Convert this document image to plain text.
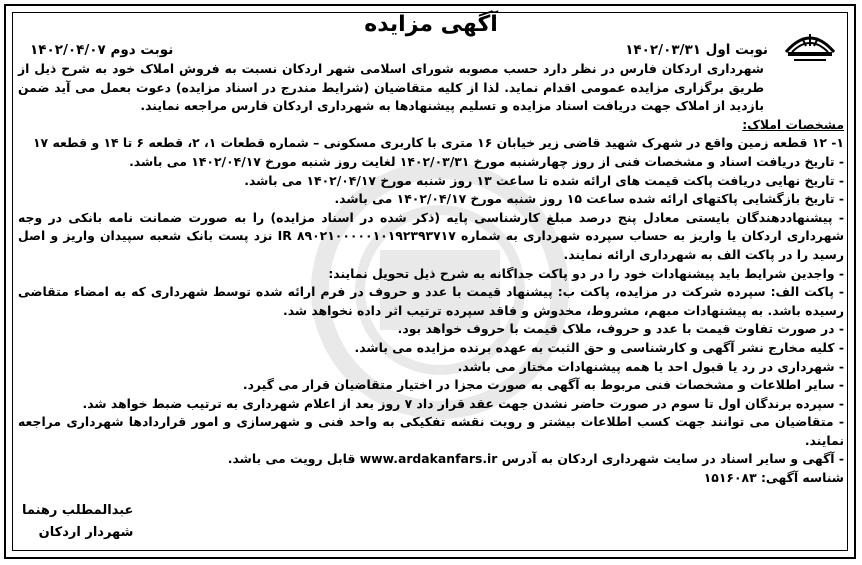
آگهی مزایده
نوبت اول ۱۴۰۲/۰۳/۳۱
نوبت دوم ۱۴۰۲/۰۴/۰۷

شهرداری اردکان فارس در نظر دارد حسب مصوبه شورای اسلامی شهر اردکان نسبت به فروش املاک خود به شرح ذیل از طریق برگزاری مزایده عمومی اقدام نماید. لذا از کلیه متقاضیان (شرایط مندرج در اسناد مزایده) دعوت بعمل می آید ضمن بازدید از املاک جهت دریافت اسناد مزایده و تسلیم پیشنهادها به شهرداری اردکان فارس مراجعه نمایند.

مشخصات املاک:

۱- ۱۲ قطعه زمین واقع در شهرک شهید قاضی زیر خیابان ۱۶ متری با کاربری مسکونی – شماره قطعات ۱، ۲، قطعه ۶ تا ۱۴ و قطعه ۱۷

- تاریخ دریافت اسناد و مشخصات فنی از روز چهارشنبه مورخ ۱۴۰۲/۰۳/۳۱ لغایت روز شنبه مورخ ۱۴۰۲/۰۴/۱۷ می باشد.

- تاریخ نهایی دریافت پاکت قیمت های ارائه شده تا ساعت ۱۳ روز شنبه مورخ ۱۴۰۲/۰۴/۱۷ می باشد.

- تاریخ بازگشایی پاکتهای ارائه شده ساعت ۱۵ روز شنبه مورخ ۱۴۰۲/۰۴/۱۷ می باشد.

- پیشنهاددهندگان بایستی معادل پنج درصد مبلغ کارشناسی پایه (ذکر شده در اسناد مزایده) را به صورت ضمانت نامه بانکی در وجه شهرداری اردکان یا واریز به حساب سپرده شهرداری به شماره IR ۸۹۰۲۱۰۰۰۰۰۱۰۱۹۲۳۹۳۷۱۷ نزد پست بانک شعبه سپیدان واریز و اصل رسید را در پاکت الف به شهرداری ارائه نمایند.

- واجدین شرایط باید پیشنهادات خود را در دو پاکت جداگانه به شرح ذیل تحویل نمایند:

- پاکت الف: سپرده شرکت در مزایده، پاکت ب: پیشنهاد قیمت با عدد و حروف در فرم ارائه شده توسط شهرداری که به امضاء متقاضی رسیده باشد. به پیشنهادات مبهم، مشروط، مخدوش و فاقد سپرده ترتیب اثر داده نخواهد شد.

- در صورت تفاوت قیمت با عدد و حروف، ملاک قیمت با حروف خواهد بود.

- کلیه مخارج نشر آگهی و کارشناسی و حق الثبت به عهده برنده مزایده می باشد.

- شهرداری در رد یا قبول احد یا همه پیشنهادات مختار می باشد.

- سایر اطلاعات و مشخصات فنی مربوط به آگهی به صورت مجزا در اختیار متقاضیان قرار می گیرد.

- سپرده برندگان اول تا سوم در صورت حاضر نشدن جهت عقد قرار داد ۷ روز بعد از اعلام شهرداری به ترتیب ضبط خواهد شد.

- متقاضیان می توانند جهت کسب اطلاعات بیشتر و رویت نقشه تفکیکی به واحد فنی و شهرسازی و امور قراردادها شهرداری مراجعه نمایند.

- آگهی و سایر اسناد در سایت شهرداری اردکان به آدرس www.ardakanfars.ir قابل رویت می باشد.

شناسه آگهی: ۱۵۱۶۰۸۳

عبدالمطلب رهنما
شهردار اردکان
